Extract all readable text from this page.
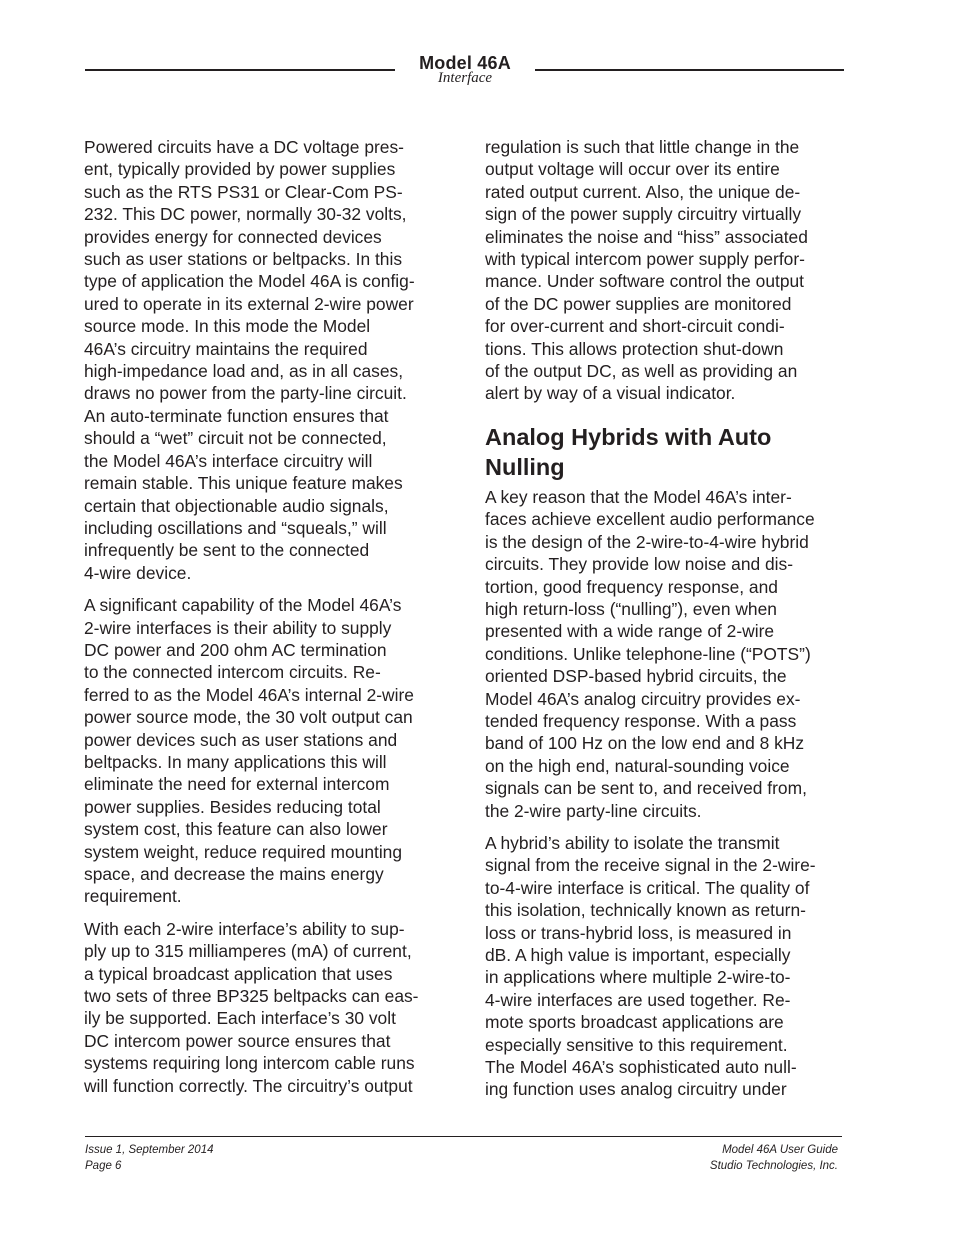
Model 46A
Interface

Powered circuits have a DC voltage pres-
ent, typically provided by power supplies
such as the RTS PS31 or Clear-Com PS-
232. This DC power, normally 30-32 volts,
provides energy for connected devices
such as user stations or beltpacks. In this
type of application the Model 46A is config-
ured to operate in its external 2-wire power
source mode. In this mode the Model
46A’s circuitry maintains the required
high-impedance load and, as in all cases,
draws no power from the party-line circuit.
An auto-terminate function ensures that
should a “wet” circuit not be connected,
the Model 46A’s interface circuitry will
remain stable. This unique feature makes
certain that objectionable audio signals,
including oscillations and “squeals,” will
infrequently be sent to the connected
4-wire device.

A significant capability of the Model 46A’s
2-wire interfaces is their ability to supply
DC power and 200 ohm AC termination
to the connected intercom circuits. Re-
ferred to as the Model 46A’s internal 2-wire
power source mode, the 30 volt output can
power devices such as user stations and
beltpacks. In many applications this will
eliminate the need for external intercom
power supplies. Besides reducing total
system cost, this feature can also lower
system weight, reduce required mounting
space, and decrease the mains energy
requirement.

With each 2-wire interface’s ability to sup-
ply up to 315 milliamperes (mA) of current,
a typical broadcast application that uses
two sets of three BP325 beltpacks can eas-
ily be supported. Each interface’s 30 volt
DC intercom power source ensures that
systems requiring long intercom cable runs
will function correctly. The circuitry’s output

regulation is such that little change in the
output voltage will occur over its entire
rated output current. Also, the unique de-
sign of the power supply circuitry virtually
eliminates the noise and “hiss” associated
with typical intercom power supply perfor-
mance. Under software control the output
of the DC power supplies are monitored
for over-current and short-circuit condi-
tions. This allows protection shut-down
of the output DC, as well as providing an
alert by way of a visual indicator.

Analog Hybrids with Auto
Nulling

A key reason that the Model 46A’s inter-
faces achieve excellent audio performance
is the design of the 2-wire-to-4-wire hybrid
circuits. They provide low noise and dis-
tortion, good frequency response, and
high return-loss (“nulling”), even when
presented with a wide range of 2-wire
conditions. Unlike telephone-line (“POTS”)
oriented DSP-based hybrid circuits, the
Model 46A’s analog circuitry provides ex-
tended frequency response. With a pass
band of 100 Hz on the low end and 8 kHz
on the high end, natural-sounding voice
signals can be sent to, and received from,
the 2-wire party-line circuits.

A hybrid’s ability to isolate the transmit
signal from the receive signal in the 2-wire-
to-4-wire interface is critical. The quality of
this isolation, technically known as return-
loss or trans-hybrid loss, is measured in
dB. A high value is important, especially
in applications where multiple 2-wire-to-
4-wire interfaces are used together. Re-
mote sports broadcast applications are
especially sensitive to this requirement.
The Model 46A’s sophisticated auto null-
ing function uses analog circuitry under

Issue 1, September 2014
Page 6
Model 46A User Guide
Studio Technologies, Inc.
